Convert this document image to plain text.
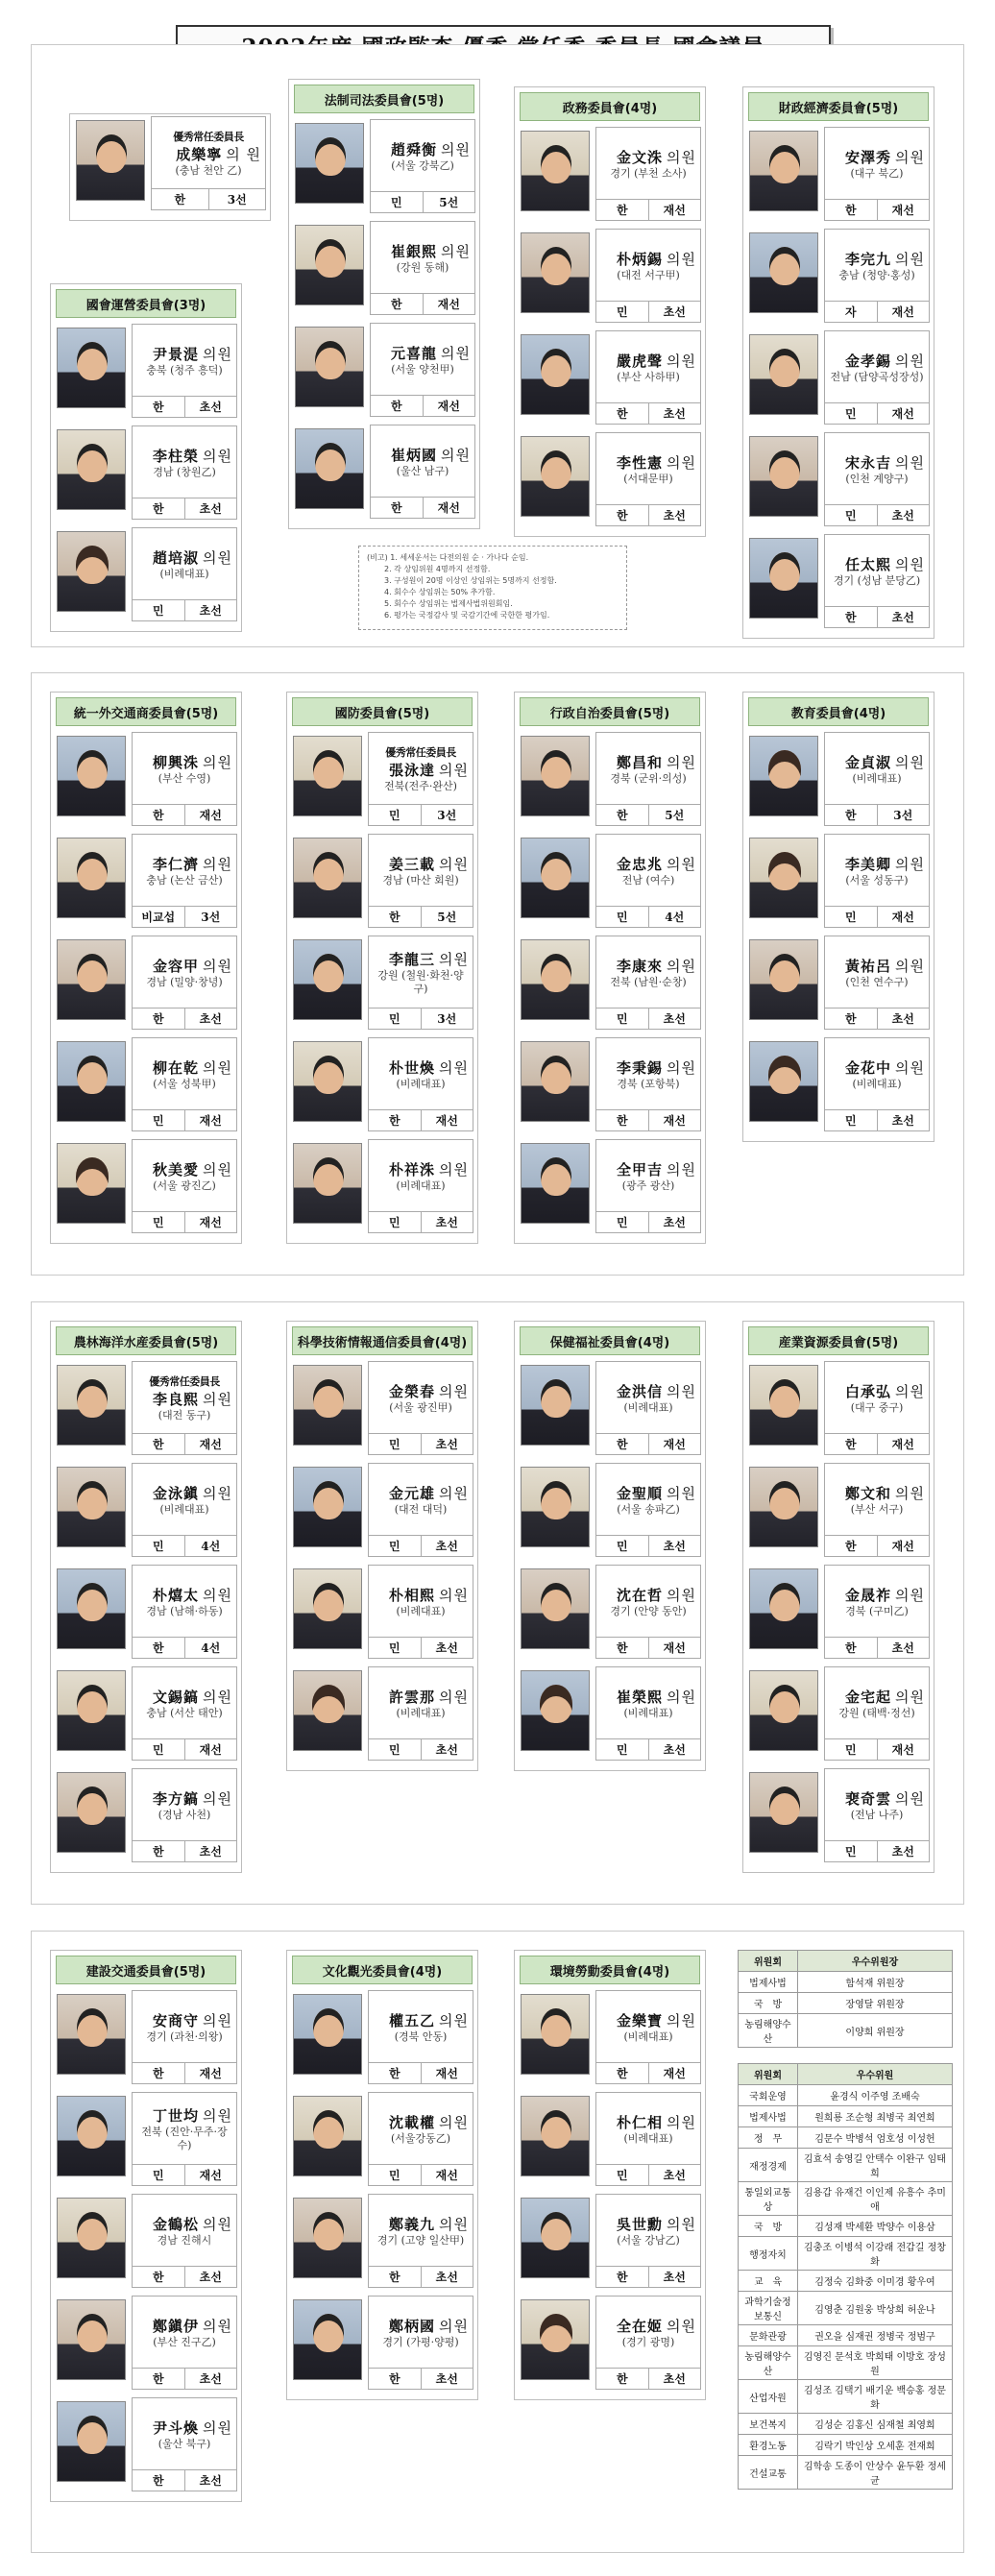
(비고) 1. 세세운서는 다전의원 순 · 가나다 순임.
2. 각 상임위원 4명까지 선정함.
3. 구성원이 20명 이상인 상임위는 5명까지 선정함.
4. 회수수 상임위는 50% 추가함.
5. 회수수 상임위는 법제사법위원회임.
6. 평가는 국정감사 및 국감기간에 국한한 평가임.
法制司法委員會(5명)
趙舜衡 의원
(서울 강북乙)
민	5선
崔銀熙 의원
(강원 동해)
한	재선
元喜龍 의원
(서울 양천甲)
한	재선
崔炳國 의원
(울산 남구)
한	재선
優秀常任委員長
成樂寧 의 원
(충남 천안 乙)
한	3선
國會運營委員會(3명)
尹景湜 의원
충북 (청주 흥덕)
한	초선
李柱榮 의원
경남 (창원乙)
한	초선
趙培淑 의원
(비례대표)
민	초선
政務委員會(4명)
金文洙 의원
경기 (부천 소사)
한	재선
朴炳錫 의원
(대전 서구甲)
민	초선
嚴虎聲 의원
(부산 사하甲)
한	초선
李性憲 의원
(서대문甲)
한	초선
財政經濟委員會(5명)
安澤秀 의원
(대구 북乙)
한	재선
李完九 의원
충남 (청양·홍성)
자	재선
金孝錫 의원
전남 (담양곡성장성)
민	재선
宋永吉 의원
(인천 계양구)
민	초선
任太熙 의원
경기 (성남 분당乙)
한	초선
統一外交通商委員會(5명)
柳興洙 의원
(부산 수영)
한	재선
李仁濟 의원
충남 (논산 금산)
비교섭	3선
金容甲 의원
경남 (밀양·창녕)
한	초선
柳在乾 의원
(서울 성북甲)
민	재선
秋美愛 의원
(서울 광진乙)
민	재선
國防委員會(5명)
優秀常任委員長
張泳達 의원
전북(전주·완산)
민	3선
姜三載 의원
경남 (마산 회원)
한	5선
李龍三 의원
강원 (철원·화천·양구)
민	3선
朴世煥 의원
(비례대표)
한	재선
朴祥洙 의원
(비례대표)
민	초선
行政自治委員會(5명)
鄭昌和 의원
경북 (군위·의성)
한	5선
金忠兆 의원
전남 (여수)
민	4선
李康來 의원
전북 (남원·순창)
민	초선
李秉錫 의원
경북 (포항북)
한	재선
全甲吉 의원
(광주 광산)
민	초선
教育委員會(4명)
金貞淑 의원
(비례대표)
한	3선
李美卿 의원
(서울 성동구)
민	재선
黃祐呂 의원
(인천 연수구)
한	초선
金花中 의원
(비례대표)
민	초선
農林海洋水産委員會(5명)
優秀常任委員長
李良熙 의원
(대전 동구)
한	재선
金泳鎭 의원
(비례대표)
민	4선
朴熺太 의원
경남 (남해·하동)
한	4선
文錫鎬 의원
충남 (서산 태안)
민	재선
李方鎬 의원
(경남 사천)
한	초선
科學技術情報通信委員會(4명)
金榮春 의원
(서울 광진甲)
민	초선
金元雄 의원
(대전 대덕)
민	초선
朴相熙 의원
(비례대표)
민	초선
許雲那 의원
(비례대표)
민	초선
保健福祉委員會(4명)
金洪信 의원
(비례대표)
한	재선
金聖順 의원
(서울 송파乙)
민	초선
沈在哲 의원
경기 (안양 동안)
한	재선
崔榮熙 의원
(비례대표)
민	초선
産業資源委員會(5명)
白承弘 의원
(대구 중구)
한	재선
鄭文和 의원
(부산 서구)
한	재선
金晟祚 의원
경북 (구미乙)
한	초선
金宅起 의원
강원 (태백·정선)
민	재선
裵奇雲 의원
(전남 나주)
민	초선
建設交通委員會(5명)
安商守 의원
경기 (과천·의왕)
한	재선
丁世均 의원
전북 (진안·무주·장수)
민	재선
金鶴松 의원
경남 진해시
한	초선
鄭鎭伊 의원
(부산 진구乙)
한	초선
尹斗煥 의원
(울산 북구)
한	초선
文化觀光委員會(4명)
權五乙 의원
(경북 안동)
한	재선
沈載權 의원
(서울강동乙)
민	재선
鄭義九 의원
경기 (고양 일산甲)
한	초선
鄭柄國 의원
경기 (가평·양평)
한	초선
環境勞動委員會(4명)
金樂寶 의원
(비례대표)
한	재선
朴仁相 의원
(비례대표)
민	초선
吳世勳 의원
(서울 강남乙)
한	초선
全在姬 의원
(경기 광명)
한	초선
위원회	우수위원장
법제사법	함석재 위원장
국　방	장영달 위원장
농림해양수산	이양희 위원장
위원회	우수위원
국회운영	윤경식 이주영 조배숙
법제사법	원희룡 조순형 최병국 최연희
정　무	김문수 박병석 엄호성 이성헌
재정경제	김효석 송영길 안택수 이완구 임태희
통일외교통상	김용갑 유재건 이인제 유흥수 추미애
국　방	김성재 박세환 박양수 이용삼
행정자치	김충조 이병석 이강래 전갑길 정창화
교　육	김정숙 김화중 이미경 황우여
과학기술정보통신	김영춘 김원웅 박상희 허운나
문화관광	권오을 심재권 정병국 정범구
농림해양수산	김영진 문석호 박희태 이방호 장성원
산업자원	김성조 김택기 배기운 백승홍 정문화
보건복지	김성순 김홍신 심재철 최영희
환경노동	김락기 박인상 오세훈 전재희
건설교통	김학송 도종이 안상수 윤두환 정세균
